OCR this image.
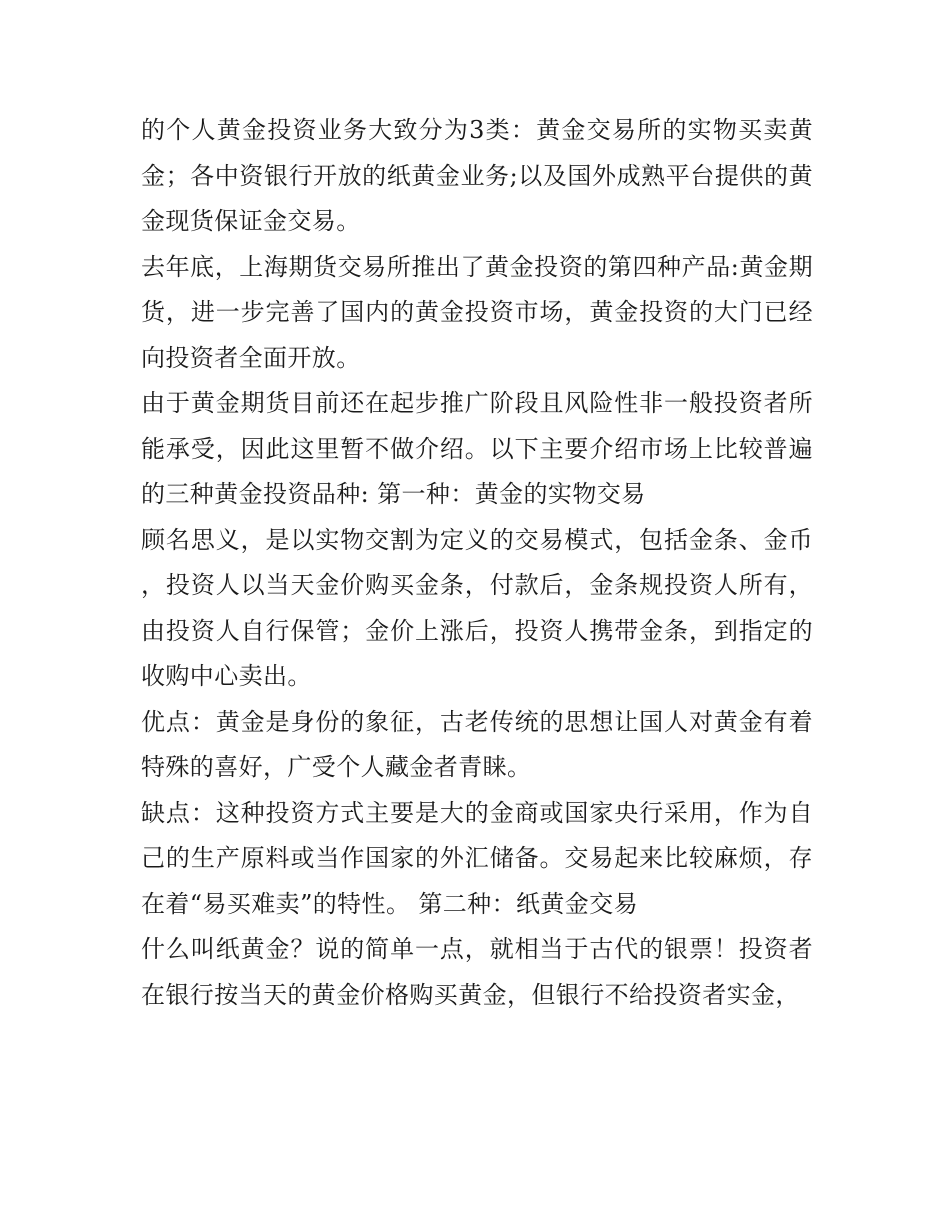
的个人黄金投资业务大致分为3类：黄金交易所的实物买卖黄金；各中资银行开放的纸黄金业务;以及国外成熟平台提供的黄金现货保证金交易。

去年底，上海期货交易所推出了黄金投资的第四种产品:黄金期货，进一步完善了国内的黄金投资市场，黄金投资的大门已经向投资者全面开放。

由于黄金期货目前还在起步推广阶段且风险性非一般投资者所能承受，因此这里暂不做介绍。以下主要介绍市场上比较普遍的三种黄金投资品种: 第一种：黄金的实物交易

顾名思义，是以实物交割为定义的交易模式，包括金条、金币，投资人以当天金价购买金条，付款后，金条规投资人所有，由投资人自行保管；金价上涨后，投资人携带金条，到指定的收购中心卖出。

优点：黄金是身份的象征，古老传统的思想让国人对黄金有着特殊的喜好，广受个人藏金者青睐。

缺点：这种投资方式主要是大的金商或国家央行采用，作为自己的生产原料或当作国家的外汇储备。交易起来比较麻烦，存在着“易买难卖”的特性。 第二种：纸黄金交易

什么叫纸黄金？说的简单一点，就相当于古代的银票！投资者在银行按当天的黄金价格购买黄金，但银行不给投资者实金，
